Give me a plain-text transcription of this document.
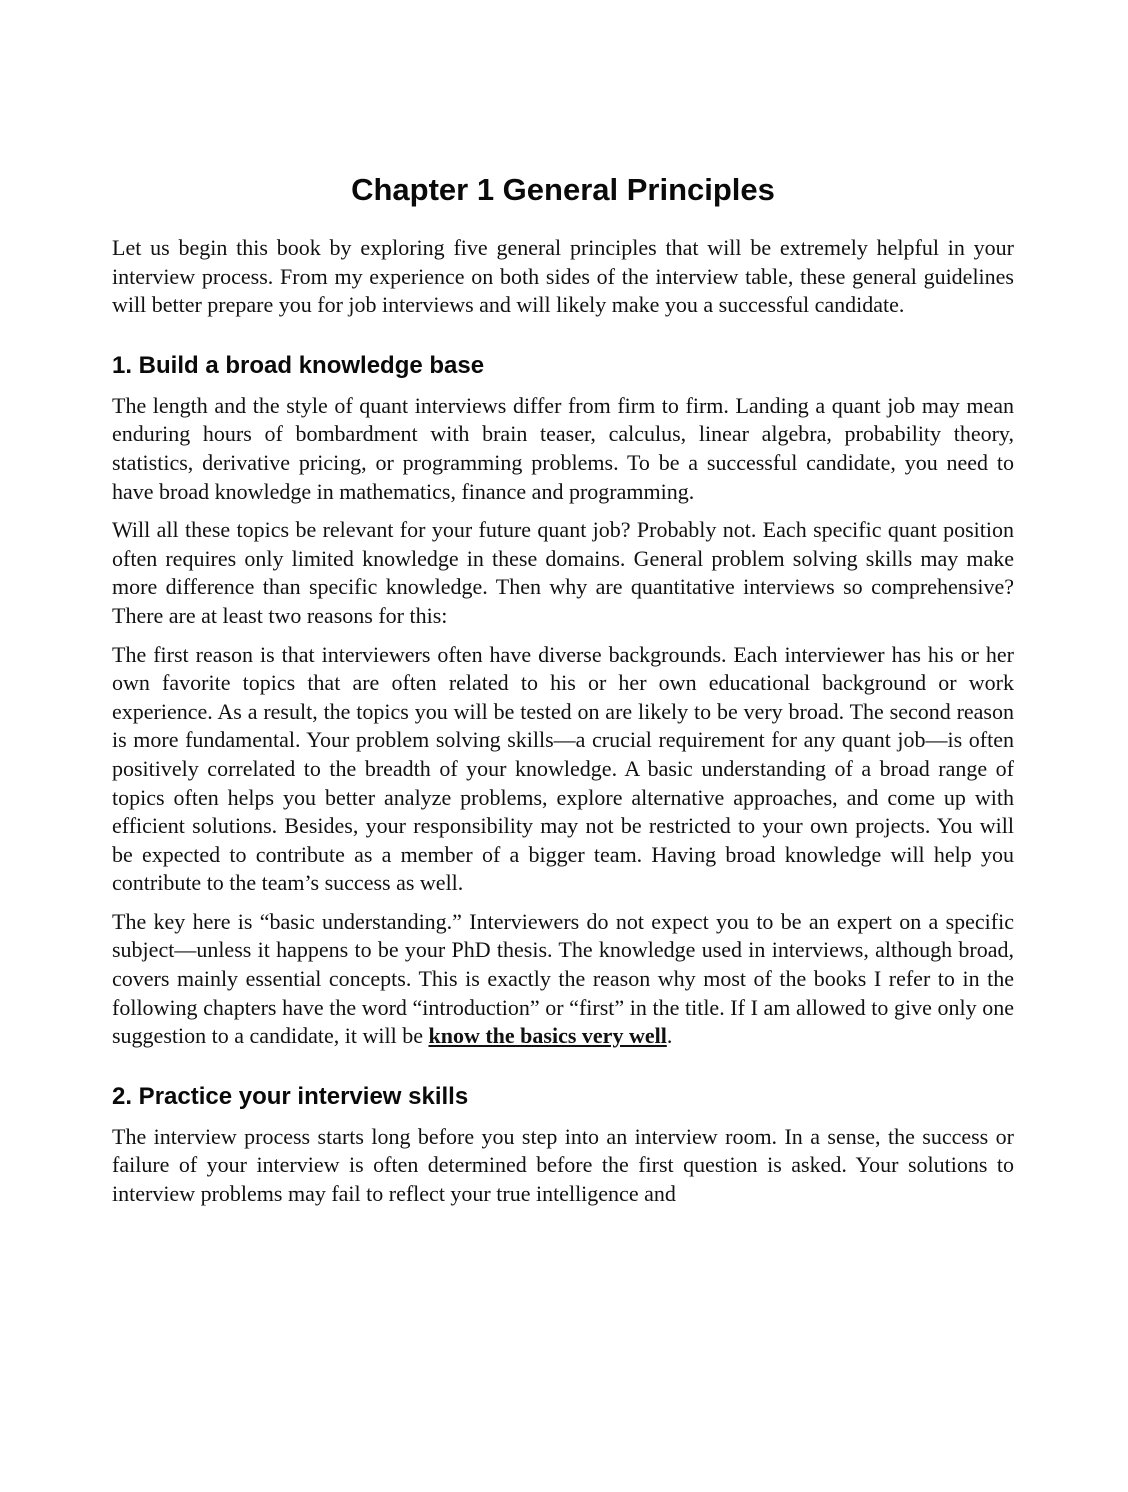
Chapter 1 General Principles

Let us begin this book by exploring five general principles that will be extremely helpful in your interview process. From my experience on both sides of the interview table, these general guidelines will better prepare you for job interviews and will likely make you a successful candidate.

1. Build a broad knowledge base

The length and the style of quant interviews differ from firm to firm. Landing a quant job may mean enduring hours of bombardment with brain teaser, calculus, linear algebra, probability theory, statistics, derivative pricing, or programming problems. To be a successful candidate, you need to have broad knowledge in mathematics, finance and programming.

Will all these topics be relevant for your future quant job? Probably not. Each specific quant position often requires only limited knowledge in these domains. General problem solving skills may make more difference than specific knowledge. Then why are quantitative interviews so comprehensive? There are at least two reasons for this:

The first reason is that interviewers often have diverse backgrounds. Each interviewer has his or her own favorite topics that are often related to his or her own educational background or work experience. As a result, the topics you will be tested on are likely to be very broad. The second reason is more fundamental. Your problem solving skills—a crucial requirement for any quant job—is often positively correlated to the breadth of your knowledge. A basic understanding of a broad range of topics often helps you better analyze problems, explore alternative approaches, and come up with efficient solutions. Besides, your responsibility may not be restricted to your own projects. You will be expected to contribute as a member of a bigger team. Having broad knowledge will help you contribute to the team’s success as well.

The key here is “basic understanding.” Interviewers do not expect you to be an expert on a specific subject—unless it happens to be your PhD thesis. The knowledge used in interviews, although broad, covers mainly essential concepts. This is exactly the reason why most of the books I refer to in the following chapters have the word “introduction” or “first” in the title. If I am allowed to give only one suggestion to a candidate, it will be know the basics very well.

2. Practice your interview skills

The interview process starts long before you step into an interview room. In a sense, the success or failure of your interview is often determined before the first question is asked. Your solutions to interview problems may fail to reflect your true intelligence and
